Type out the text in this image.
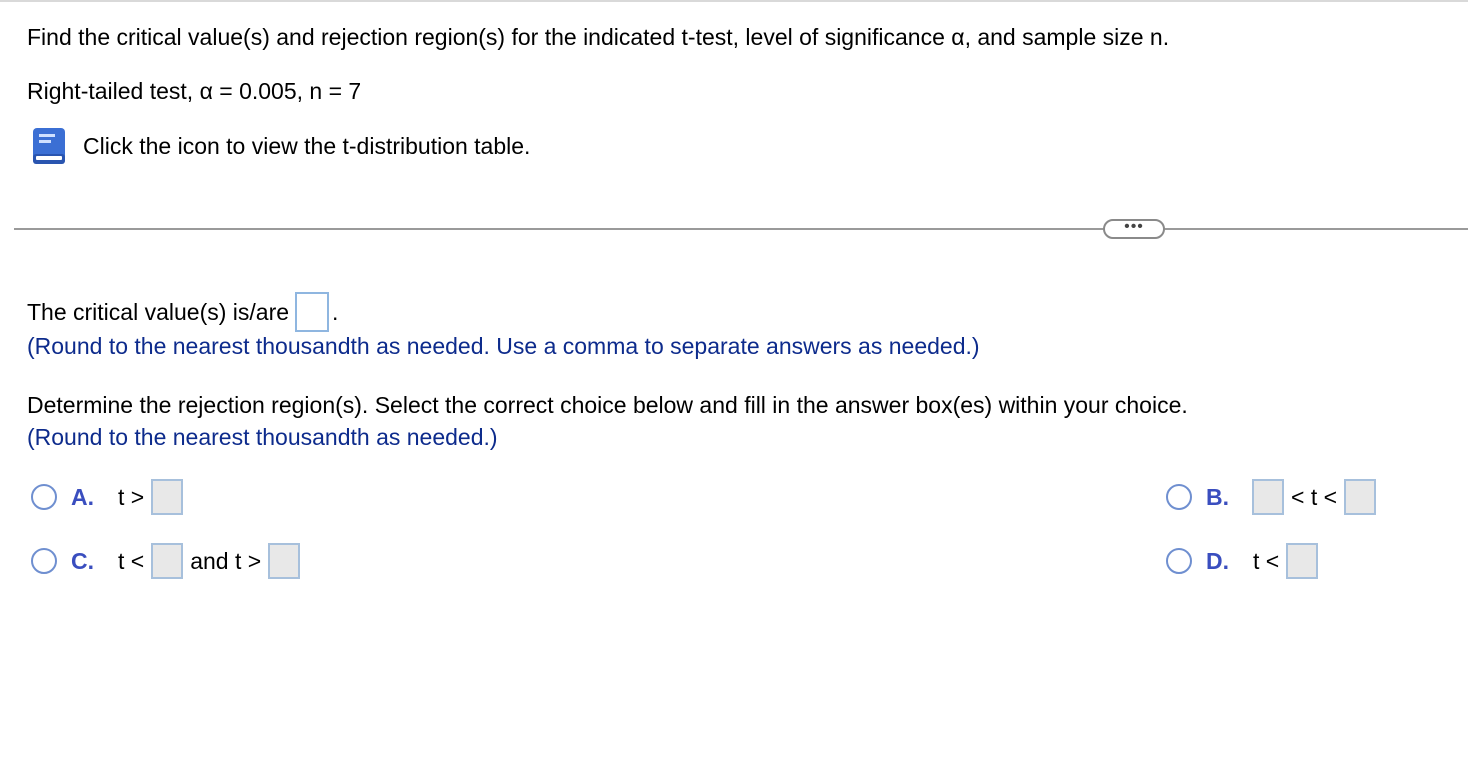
Find the critical value(s) and rejection region(s) for the indicated t-test, level of significance α, and sample size n.
Right-tailed test, α = 0.005, n = 7
Click the icon to view the t-distribution table.
•••
The critical value(s) is/are .
(Round to the nearest thousandth as needed. Use a comma to separate answers as needed.)
Determine the rejection region(s). Select the correct choice below and fill in the answer box(es) within your choice.
(Round to the nearest thousandth as needed.)
A. t >	B.	< t <
C. t < and t >	D. t <
